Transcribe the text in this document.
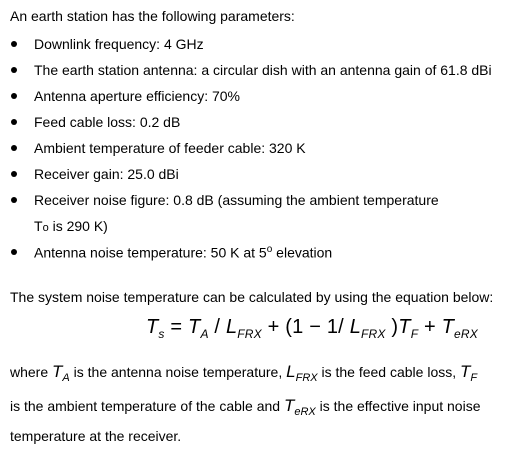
An earth station has the following parameters:
Downlink frequency: 4 GHz
The earth station antenna: a circular dish with an antenna gain of 61.8 dBi
Antenna aperture efficiency: 70%
Feed cable loss: 0.2 dB
Ambient temperature of feeder cable: 320 K
Receiver gain: 25.0 dBi
Receiver noise figure: 0.8 dB (assuming the ambient temperature
To is 290 K)
Antenna noise temperature: 50 K at 5$^o$ elevation
The system noise temperature can be calculated by using the equation below:
$T_s = T_A / L_{FRX} + (1 - 1/$ $L_{FRX}$ )$T_F + T_{eRX}$
where $T_A$ is the antenna noise temperature, $L_{FRX}$ is the feed cable loss, $T_F$
is the ambient temperature of the cable and $T_{eRX}$ is the effective input noise
temperature at the receiver.
